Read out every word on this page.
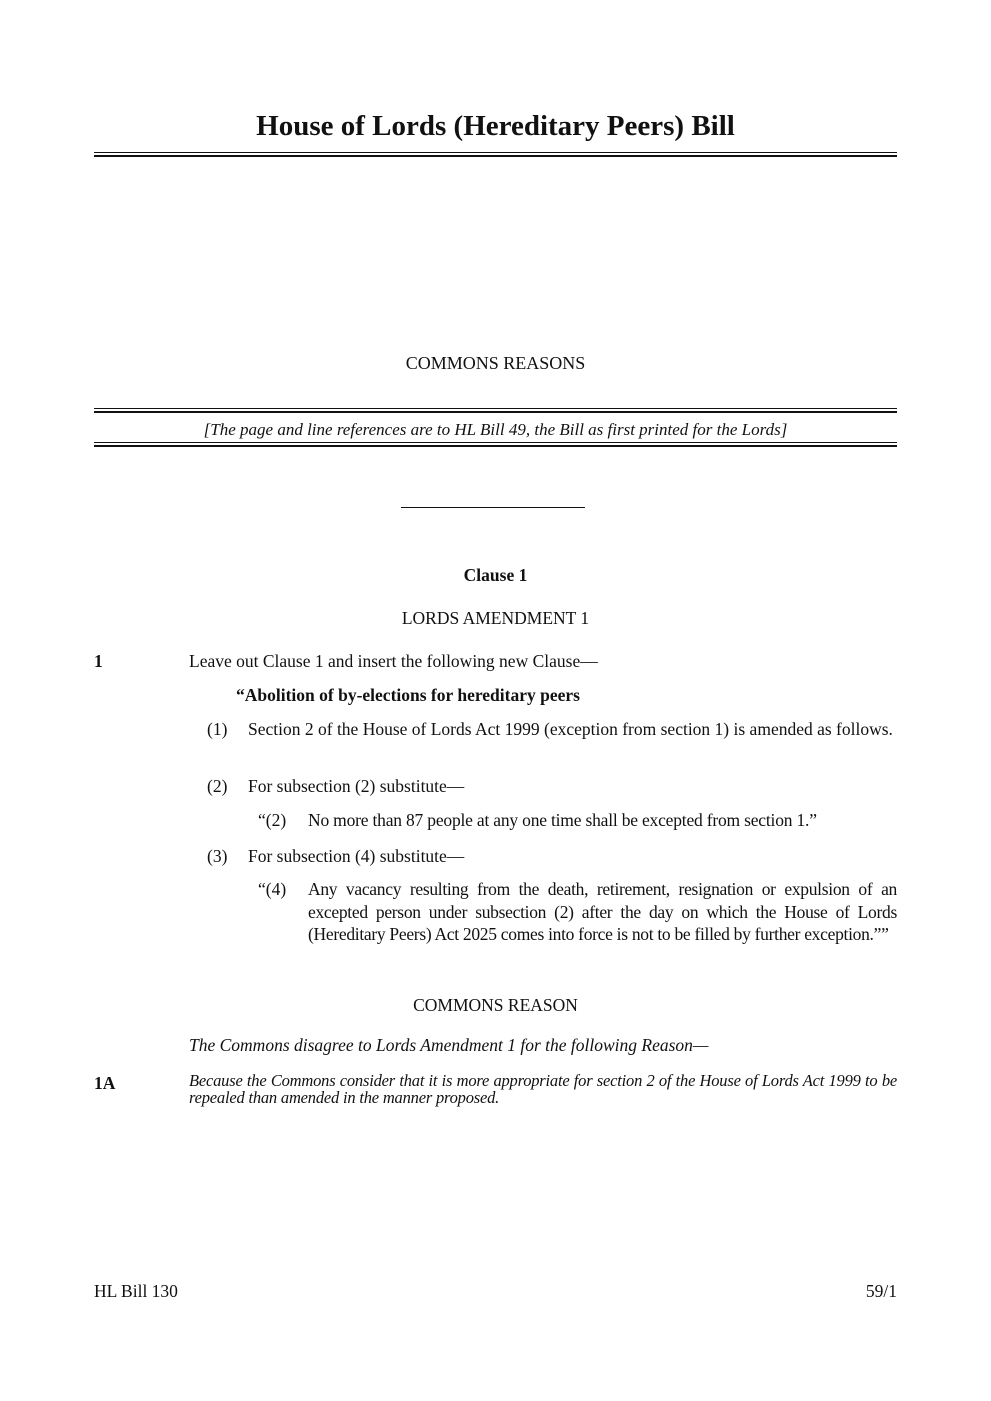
House of Lords (Hereditary Peers) Bill
COMMONS REASONS
[The page and line references are to HL Bill 49, the Bill as first printed for the Lords]
Clause 1
LORDS AMENDMENT 1
1	Leave out Clause 1 and insert the following new Clause—
“Abolition of by-elections for hereditary peers
(1) Section 2 of the House of Lords Act 1999 (exception from section 1) is amended as follows.
(2) For subsection (2) substitute—
“(2) No more than 87 people at any one time shall be excepted from section 1.”
(3) For subsection (4) substitute—
“(4) Any vacancy resulting from the death, retirement, resignation or expulsion of an excepted person under subsection (2) after the day on which the House of Lords (Hereditary Peers) Act 2025 comes into force is not to be filled by further exception.””
COMMONS REASON
The Commons disagree to Lords Amendment 1 for the following Reason—
1A	Because the Commons consider that it is more appropriate for section 2 of the House of Lords Act 1999 to be repealed than amended in the manner proposed.
HL Bill 130	59/1
